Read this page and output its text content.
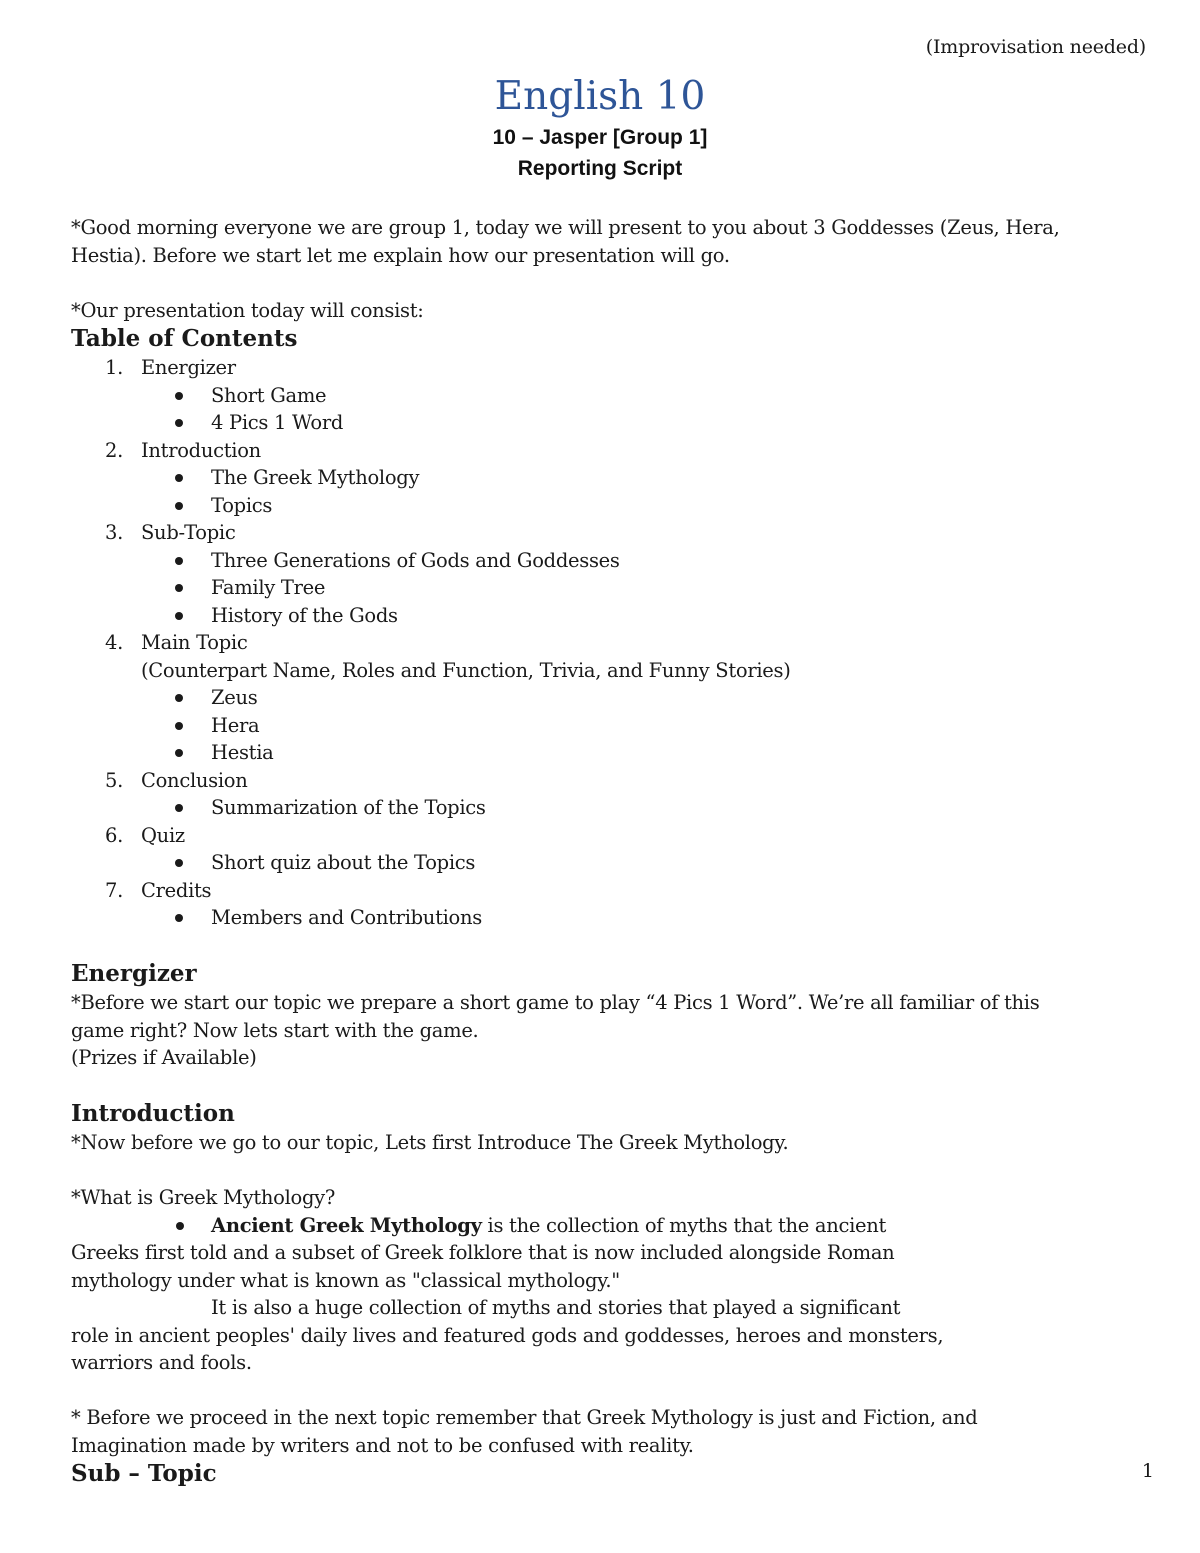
(Improvisation needed)
English 10
10 – Jasper [Group 1]
Reporting Script

*Good morning everyone we are group 1, today we will present to you about 3 Goddesses (Zeus, Hera,

Hestia). Before we start let me explain how our presentation will go.

*Our presentation today will consist:

Table of Contents
1. Energizer
Short Game
4 Pics 1 Word
2. Introduction
The Greek Mythology
Topics
3. Sub-Topic
Three Generations of Gods and Goddesses
Family Tree
History of the Gods
4. Main Topic
(Counterpart Name, Roles and Function, Trivia, and Funny Stories)
Zeus
Hera
Hestia
5. Conclusion
Summarization of the Topics
6. Quiz
Short quiz about the Topics
7. Credits
Members and Contributions
Energizer

*Before we start our topic we prepare a short game to play “4 Pics 1 Word”. We’re all familiar of this

game right? Now lets start with the game.

(Prizes if Available)

Introduction

*Now before we go to our topic, Lets first Introduce The Greek Mythology.

*What is Greek Mythology?

Ancient Greek Mythology is the collection of myths that the ancient

Greeks first told and a subset of Greek folklore that is now included alongside Roman

mythology under what is known as "classical mythology."

It is also a huge collection of myths and stories that played a significant

role in ancient peoples' daily lives and featured gods and goddesses, heroes and monsters,

warriors and fools.

* Before we proceed in the next topic remember that Greek Mythology is just and Fiction, and

Imagination made by writers and not to be confused with reality.

Sub – Topic	1
